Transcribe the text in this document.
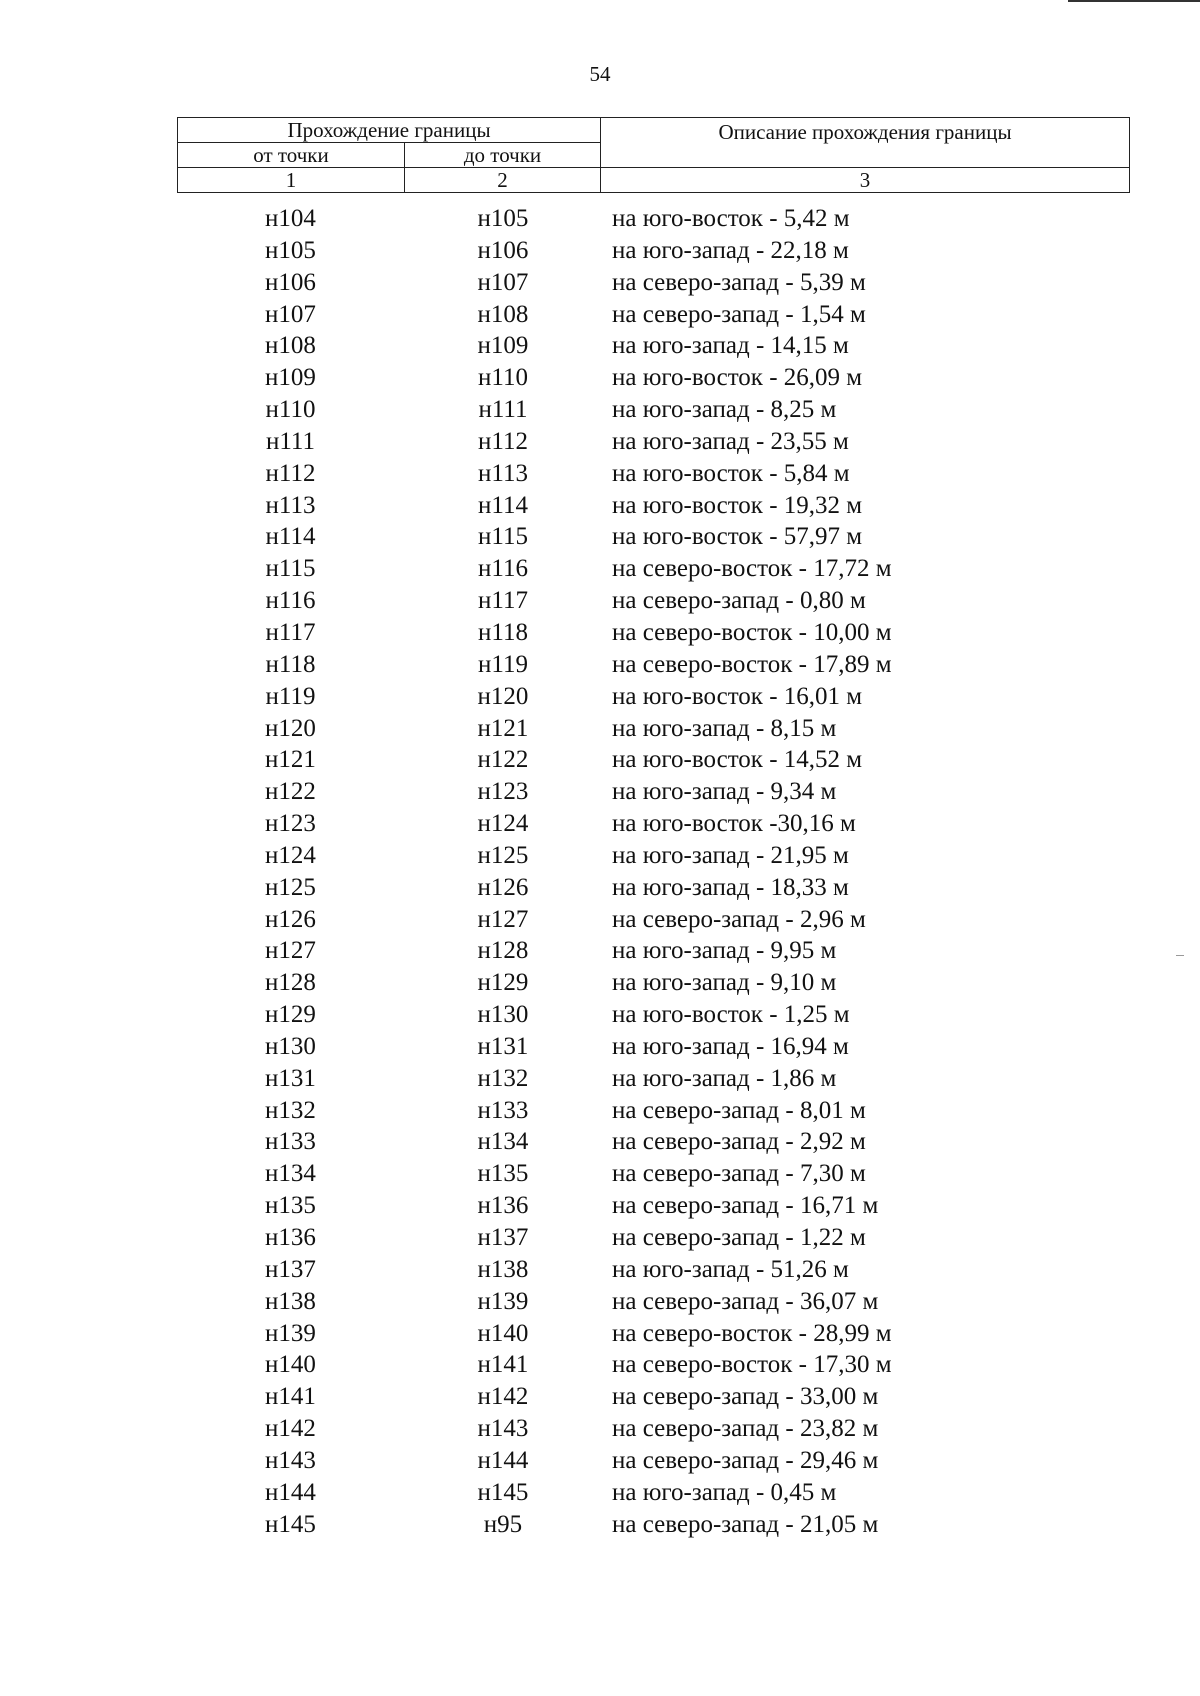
54
Прохождение границы		Описание прохождения границы
от точки	до точки	
1	2	3
н104	н105	на юго-восток - 5,42 м
н105	н106	на юго-запад - 22,18 м
н106	н107	на северо-запад - 5,39 м
н107	н108	на северо-запад - 1,54 м
н108	н109	на юго-запад - 14,15 м
н109	н110	на юго-восток - 26,09 м
н110	н111	на юго-запад - 8,25 м
н111	н112	на юго-запад - 23,55 м
н112	н113	на юго-восток - 5,84 м
н113	н114	на юго-восток - 19,32 м
н114	н115	на юго-восток - 57,97 м
н115	н116	на северо-восток - 17,72 м
н116	н117	на северо-запад - 0,80 м
н117	н118	на северо-восток - 10,00 м
н118	н119	на северо-восток - 17,89 м
н119	н120	на юго-восток - 16,01 м
н120	н121	на юго-запад - 8,15 м
н121	н122	на юго-восток - 14,52 м
н122	н123	на юго-запад - 9,34 м
н123	н124	на юго-восток -30,16 м
н124	н125	на юго-запад - 21,95 м
н125	н126	на юго-запад - 18,33 м
н126	н127	на северо-запад - 2,96 м
н127	н128	на юго-запад - 9,95 м
н128	н129	на юго-запад - 9,10 м
н129	н130	на юго-восток - 1,25 м
н130	н131	на юго-запад - 16,94 м
н131	н132	на юго-запад - 1,86 м
н132	н133	на северо-запад - 8,01 м
н133	н134	на северо-запад - 2,92 м
н134	н135	на северо-запад - 7,30 м
н135	н136	на северо-запад - 16,71 м
н136	н137	на северо-запад - 1,22 м
н137	н138	на юго-запад - 51,26 м
н138	н139	на северо-запад - 36,07 м
н139	н140	на северо-восток - 28,99 м
н140	н141	на северо-восток - 17,30 м
н141	н142	на северо-запад - 33,00 м
н142	н143	на северо-запад - 23,82 м
н143	н144	на северо-запад - 29,46 м
н144	н145	на юго-запад - 0,45 м
н145	н95	на северо-запад - 21,05 м
